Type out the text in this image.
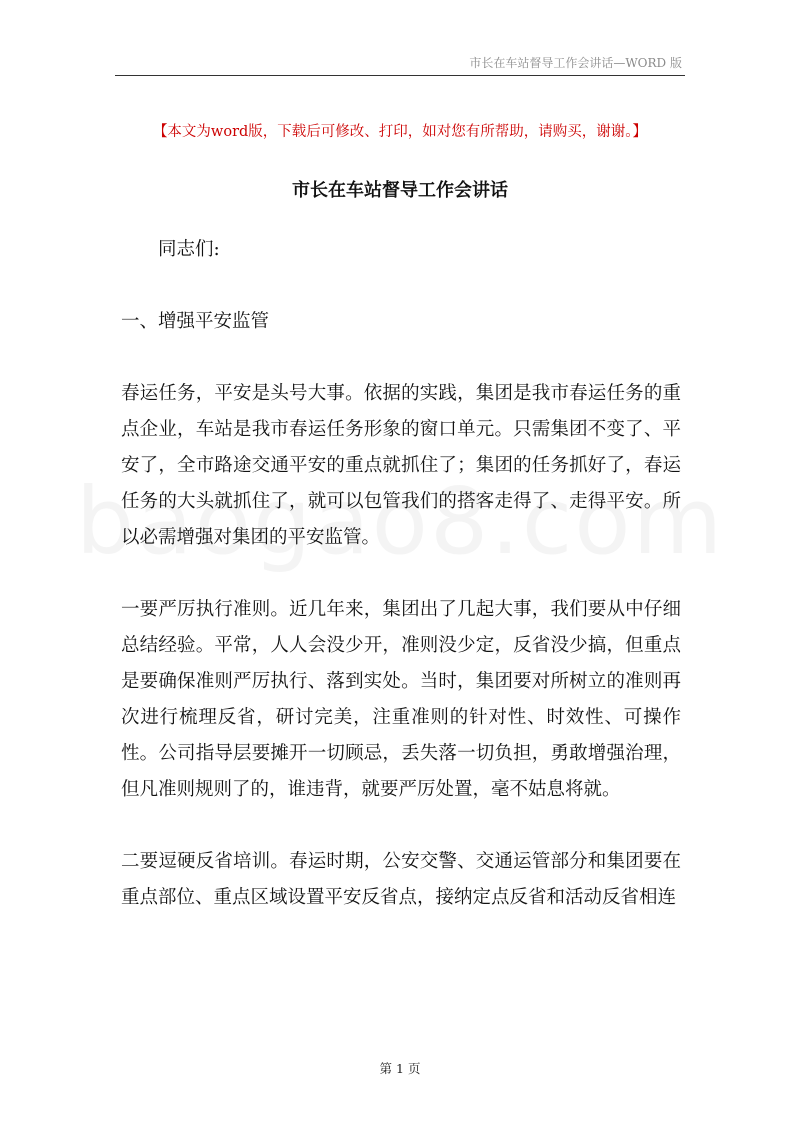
市长在车站督导工作会讲话—WORD 版
【本文为word版，下载后可修改、打印，如对您有所帮助，请购买，谢谢。】
市长在车站督导工作会讲话

同志们:

一、增强平安监管

春运任务，平安是头号大事。依据的实践，集团是我市春运任务的重点企业，车站是我市春运任务形象的窗口单元。只需集团不变了、平安了，全市路途交通平安的重点就抓住了；集团的任务抓好了，春运任务的大头就抓住了，就可以包管我们的搭客走得了、走得平安。所以必需增强对集团的平安监管。

一要严厉执行准则。近几年来，集团出了几起大事，我们要从中仔细总结经验。平常，人人会没少开，准则没少定，反省没少搞，但重点是要确保准则严厉执行、落到实处。当时，集团要对所树立的准则再次进行梳理反省，研讨完美，注重准则的针对性、时效性、可操作性。公司指导层要摊开一切顾忌，丢失落一切负担，勇敢增强治理，但凡准则规则了的，谁违背，就要严厉处置，毫不姑息将就。

二要逗硬反省培训。春运时期，公安交警、交通运管部分和集团要在重点部位、重点区域设置平安反省点，接纳定点反省和活动反省相连

第 1 页
